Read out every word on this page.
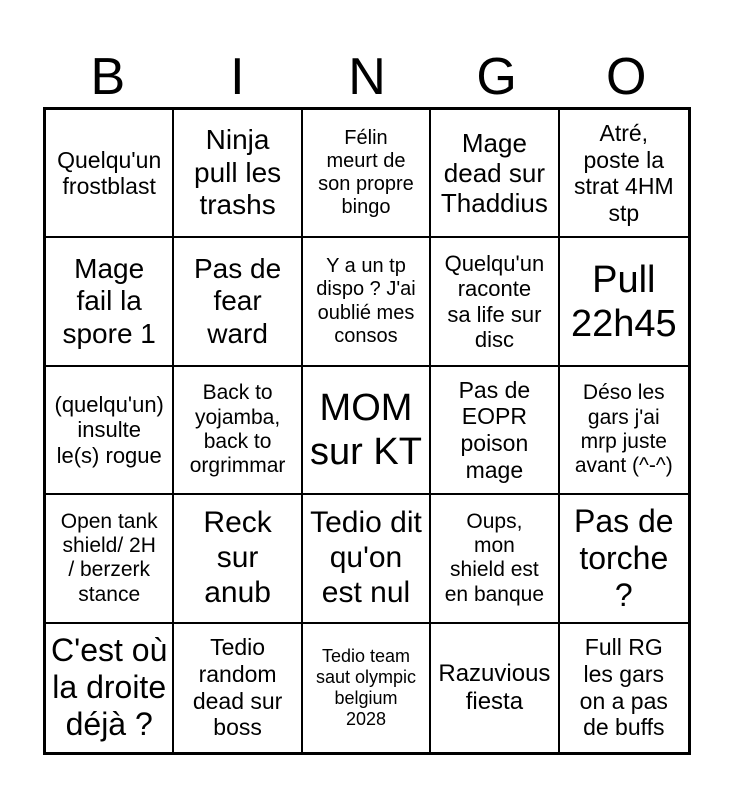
B	I	N	G	O
Quelqu'un
frostblast
Ninja
pull les
trashs
Félin
meurt de
son propre
bingo
Mage
dead sur
Thaddius
Atré,
poste la
strat 4HM
stp
Mage
fail la
spore 1
Pas de
fear
ward
Y a un tp
dispo ? J'ai
oublié mes
consos
Quelqu'un
raconte
sa life sur
disc
Pull
22h45
(quelqu'un)
insulte
le(s) rogue
Back to
yojamba,
back to
orgrimmar
MOM
sur KT
Pas de
EOPR
poison
mage
Déso les
gars j'ai
mrp juste
avant (^-^)
Open tank
shield/ 2H
/ berzerk
stance
Reck
sur
anub
Tedio dit
qu'on
est nul
Oups,
mon
shield est
en banque
Pas de
torche
?
C'est où
la droite
déjà ?
Tedio
random
dead sur
boss
Tedio team
saut olympic
belgium
2028
Razuvious
fiesta
Full RG
les gars
on a pas
de buffs
